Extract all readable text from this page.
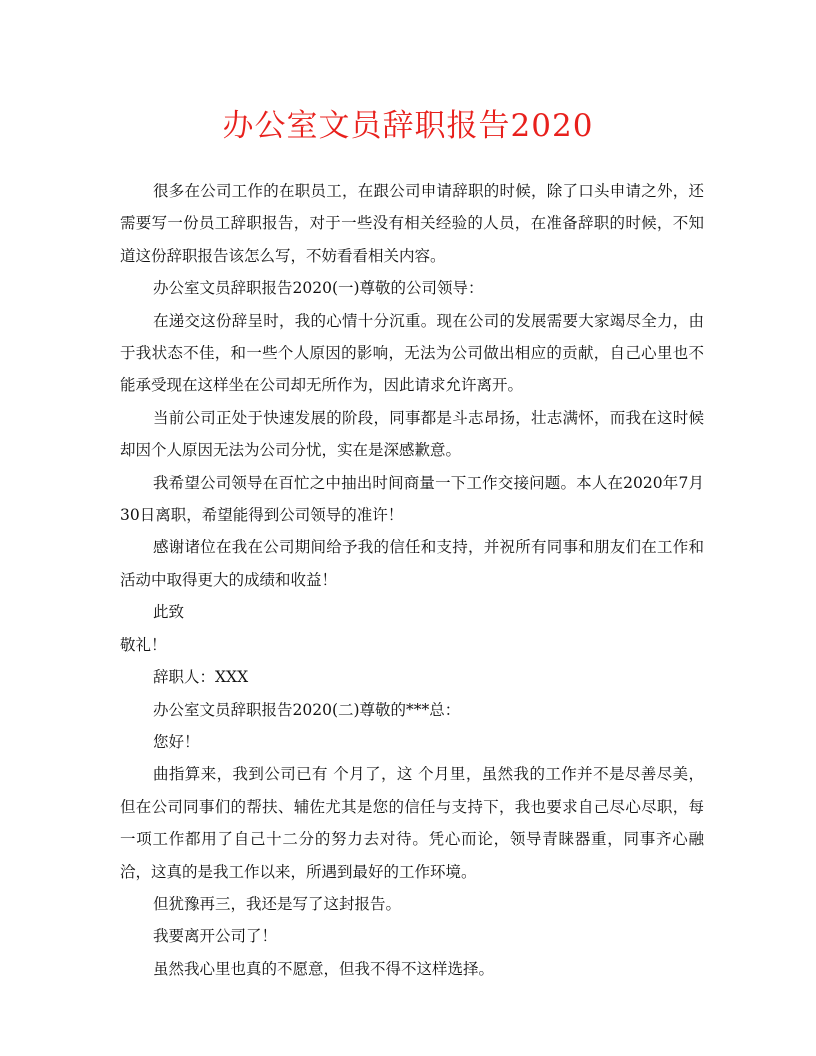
办公室文员辞职报告2020

很多在公司工作的在职员工，在跟公司申请辞职的时候，除了口头申请之外，还需要写一份员工辞职报告，对于一些没有相关经验的人员，在准备辞职的时候，不知道这份辞职报告该怎么写，不妨看看相关内容。

办公室文员辞职报告2020(一)尊敬的公司领导：

在递交这份辞呈时，我的心情十分沉重。现在公司的发展需要大家竭尽全力，由于我状态不佳，和一些个人原因的影响，无法为公司做出相应的贡献，自己心里也不能承受现在这样坐在公司却无所作为，因此请求允许离开。

当前公司正处于快速发展的阶段，同事都是斗志昂扬，壮志满怀，而我在这时候却因个人原因无法为公司分忧，实在是深感歉意。

我希望公司领导在百忙之中抽出时间商量一下工作交接问题。本人在2020年7月30日离职，希望能得到公司领导的准许！

感谢诸位在我在公司期间给予我的信任和支持，并祝所有同事和朋友们在工作和活动中取得更大的成绩和收益！

此致

敬礼！

辞职人：XXX

办公室文员辞职报告2020(二)尊敬的***总：

您好！

曲指算来，我到公司已有 个月了，这 个月里，虽然我的工作并不是尽善尽美，但在公司同事们的帮扶、辅佐尤其是您的信任与支持下，我也要求自己尽心尽职，每一项工作都用了自己十二分的努力去对待。凭心而论，领导青睐器重，同事齐心融洽，这真的是我工作以来，所遇到最好的工作环境。

但犹豫再三，我还是写了这封报告。

我要离开公司了！

虽然我心里也真的不愿意，但我不得不这样选择。
